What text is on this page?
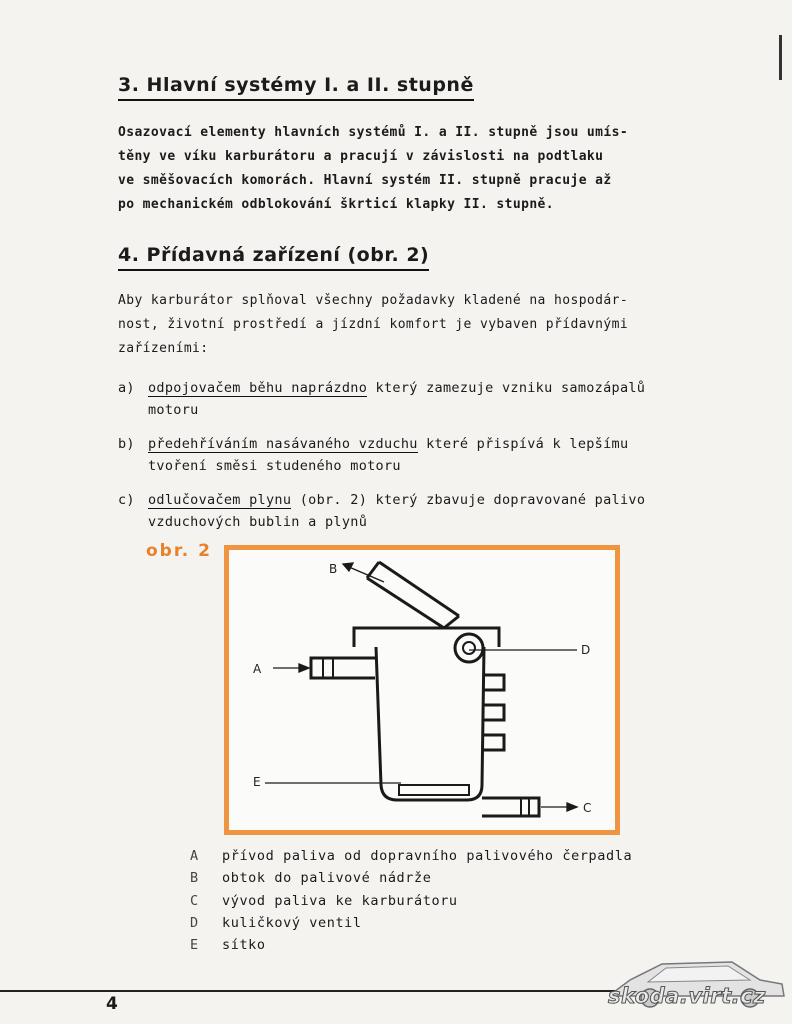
3. Hlavní systémy I. a II. stupně
Osazovací elementy hlavních systémů I. a II. stupně jsou umís-
těny ve víku karburátoru a pracují v závislosti na podtlaku
ve směšovacích komorách. Hlavní systém II. stupně pracuje až
po mechanickém odblokování škrticí klapky II. stupně.
4. Přídavná zařízení (obr. 2)
Aby karburátor splňoval všechny požadavky kladené na hospodár-
nost, životní prostředí a jízdní komfort je vybaven přídavnými
zařízeními:
a) odpojovačem běhu naprázdno který zamezuje vzniku samozápalů
motoru
b) předehříváním nasávaného vzduchu které přispívá k lepšímu
tvoření směsi studeného motoru
c) odlučovačem plynu (obr. 2) který zbavuje dopravované palivo
vzduchových bublin a plynů
obr. 2
A
B
C
D
E
A přívod paliva od dopravního palivového čerpadla
B obtok do palivové nádrže
C vývod paliva ke karburátoru
D kuličkový ventil
E sítko
4	skoda.virt.cz
